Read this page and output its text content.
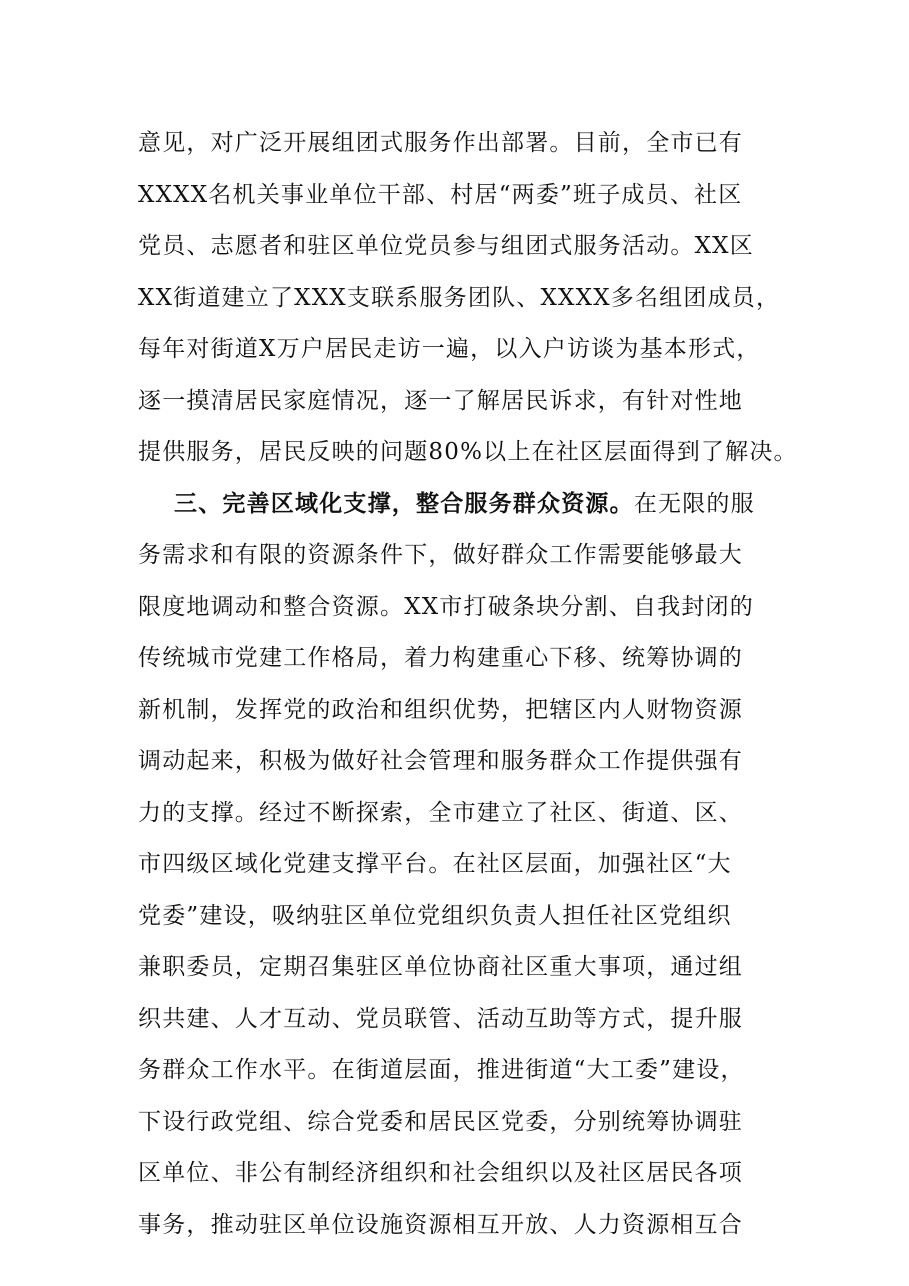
意见，对广泛开展组团式服务作出部署。目前，全市已有
XXXX名机关事业单位干部、村居“两委”班子成员、社区
党员、志愿者和驻区单位党员参与组团式服务活动。XX区
XX街道建立了XXX支联系服务团队、XXXX多名组团成员，
每年对街道X万户居民走访一遍，以入户访谈为基本形式，
逐一摸清居民家庭情况，逐一了解居民诉求，有针对性地
提供服务，居民反映的问题80%以上在社区层面得到了解决。
三、完善区域化支撑，整合服务群众资源。在无限的服
务需求和有限的资源条件下，做好群众工作需要能够最大
限度地调动和整合资源。XX市打破条块分割、自我封闭的
传统城市党建工作格局，着力构建重心下移、统筹协调的
新机制，发挥党的政治和组织优势，把辖区内人财物资源
调动起来，积极为做好社会管理和服务群众工作提供强有
力的支撑。经过不断探索，全市建立了社区、街道、区、
市四级区域化党建支撑平台。在社区层面，加强社区“大
党委”建设，吸纳驻区单位党组织负责人担任社区党组织
兼职委员，定期召集驻区单位协商社区重大事项，通过组
织共建、人才互动、党员联管、活动互助等方式，提升服
务群众工作水平。在街道层面，推进街道“大工委”建设，
下设行政党组、综合党委和居民区党委，分别统筹协调驻
区单位、非公有制经济组织和社会组织以及社区居民各项
事务，推动驻区单位设施资源相互开放、人力资源相互合
